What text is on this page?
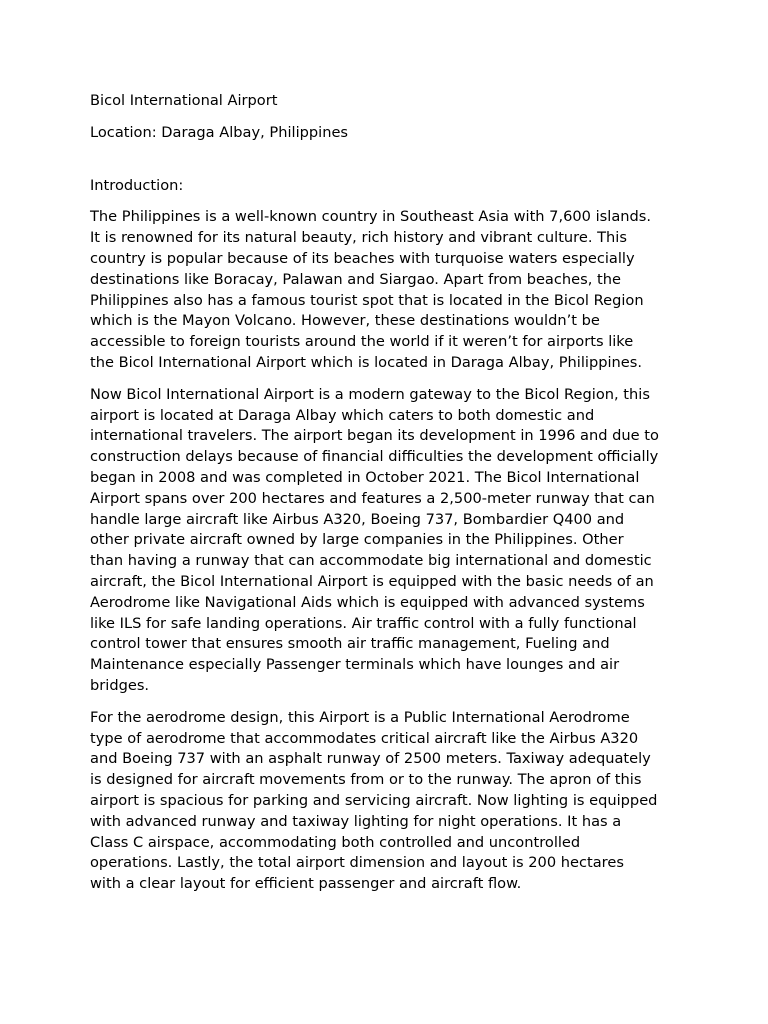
Bicol International Airport

Location: Daraga Albay, Philippines

Introduction:

The Philippines is a well-known country in Southeast Asia with 7,600 islands.
It is renowned for its natural beauty, rich history and vibrant culture. This
country is popular because of its beaches with turquoise waters especially
destinations like Boracay, Palawan and Siargao. Apart from beaches, the
Philippines also has a famous tourist spot that is located in the Bicol Region
which is the Mayon Volcano. However, these destinations wouldn’t be
accessible to foreign tourists around the world if it weren’t for airports like
the Bicol International Airport which is located in Daraga Albay, Philippines.

Now Bicol International Airport is a modern gateway to the Bicol Region, this
airport is located at Daraga Albay which caters to both domestic and
international travelers. The airport began its development in 1996 and due to
construction delays because of financial difficulties the development officially
began in 2008 and was completed in October 2021. The Bicol International
Airport spans over 200 hectares and features a 2,500-meter runway that can
handle large aircraft like Airbus A320, Boeing 737, Bombardier Q400 and
other private aircraft owned by large companies in the Philippines. Other
than having a runway that can accommodate big international and domestic
aircraft, the Bicol International Airport is equipped with the basic needs of an
Aerodrome like Navigational Aids which is equipped with advanced systems
like ILS for safe landing operations. Air traffic control with a fully functional
control tower that ensures smooth air traffic management, Fueling and
Maintenance especially Passenger terminals which have lounges and air
bridges.

For the aerodrome design, this Airport is a Public International Aerodrome
type of aerodrome that accommodates critical aircraft like the Airbus A320
and Boeing 737 with an asphalt runway of 2500 meters. Taxiway adequately
is designed for aircraft movements from or to the runway. The apron of this
airport is spacious for parking and servicing aircraft. Now lighting is equipped
with advanced runway and taxiway lighting for night operations. It has a
Class C airspace, accommodating both controlled and uncontrolled
operations. Lastly, the total airport dimension and layout is 200 hectares
with a clear layout for efficient passenger and aircraft flow.
